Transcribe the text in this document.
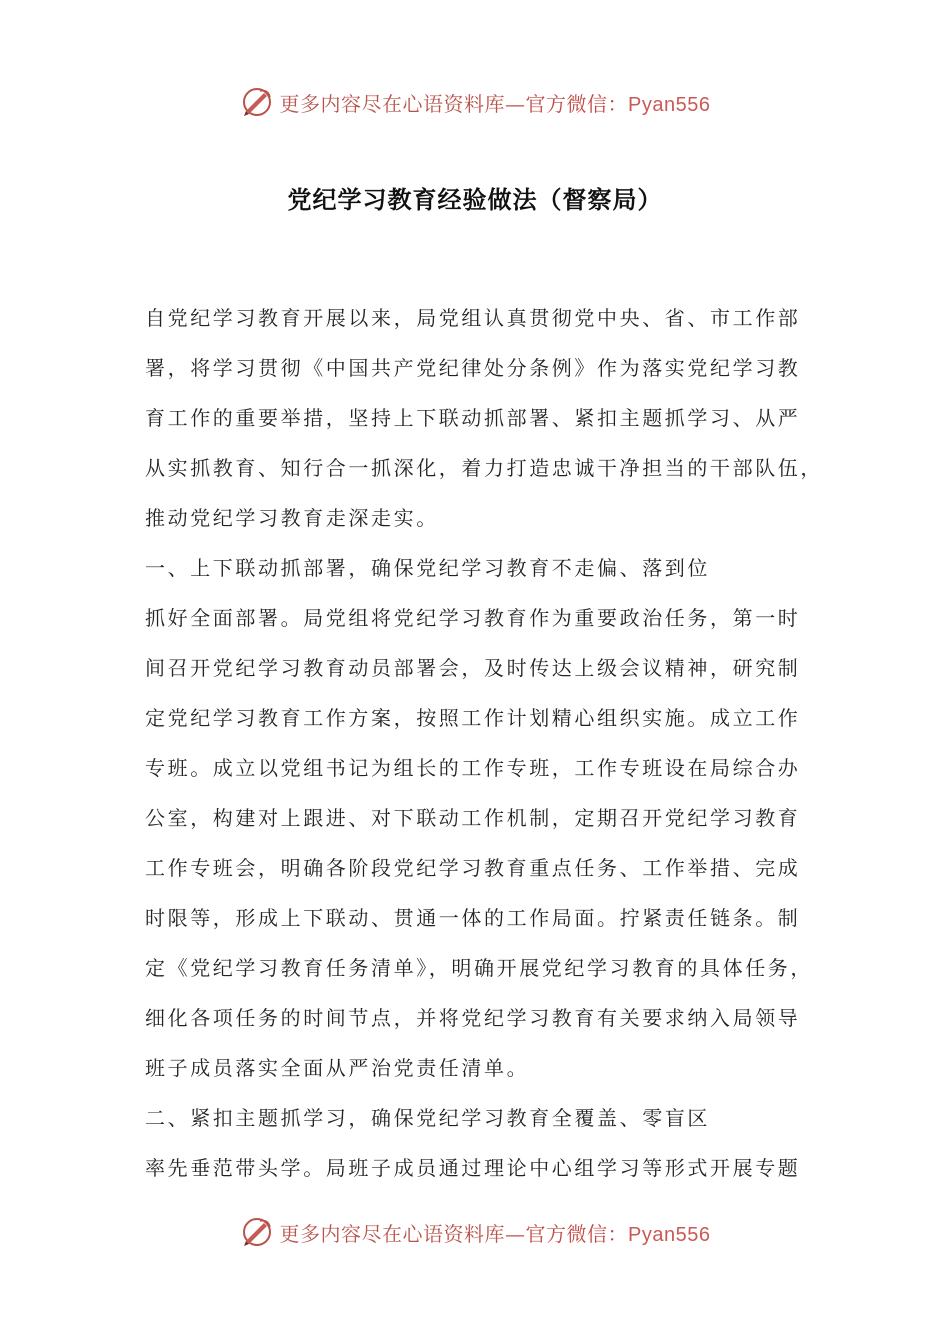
更多内容尽在心语资料库—官方微信：Pyan556
党纪学习教育经验做法（督察局）
自党纪学习教育开展以来，局党组认真贯彻党中央、省、市工作部
署，将学习贯彻《中国共产党纪律处分条例》作为落实党纪学习教
育工作的重要举措，坚持上下联动抓部署、紧扣主题抓学习、从严
从实抓教育、知行合一抓深化，着力打造忠诚干净担当的干部队伍，
推动党纪学习教育走深走实。
一、上下联动抓部署，确保党纪学习教育不走偏、落到位
抓好全面部署。局党组将党纪学习教育作为重要政治任务，第一时
间召开党纪学习教育动员部署会，及时传达上级会议精神，研究制
定党纪学习教育工作方案，按照工作计划精心组织实施。成立工作
专班。成立以党组书记为组长的工作专班，工作专班设在局综合办
公室，构建对上跟进、对下联动工作机制，定期召开党纪学习教育
工作专班会，明确各阶段党纪学习教育重点任务、工作举措、完成
时限等，形成上下联动、贯通一体的工作局面。拧紧责任链条。制
定《党纪学习教育任务清单》，明确开展党纪学习教育的具体任务，
细化各项任务的时间节点，并将党纪学习教育有关要求纳入局领导
班子成员落实全面从严治党责任清单。
二、紧扣主题抓学习，确保党纪学习教育全覆盖、零盲区
率先垂范带头学。局班子成员通过理论中心组学习等形式开展专题
更多内容尽在心语资料库—官方微信：Pyan556
